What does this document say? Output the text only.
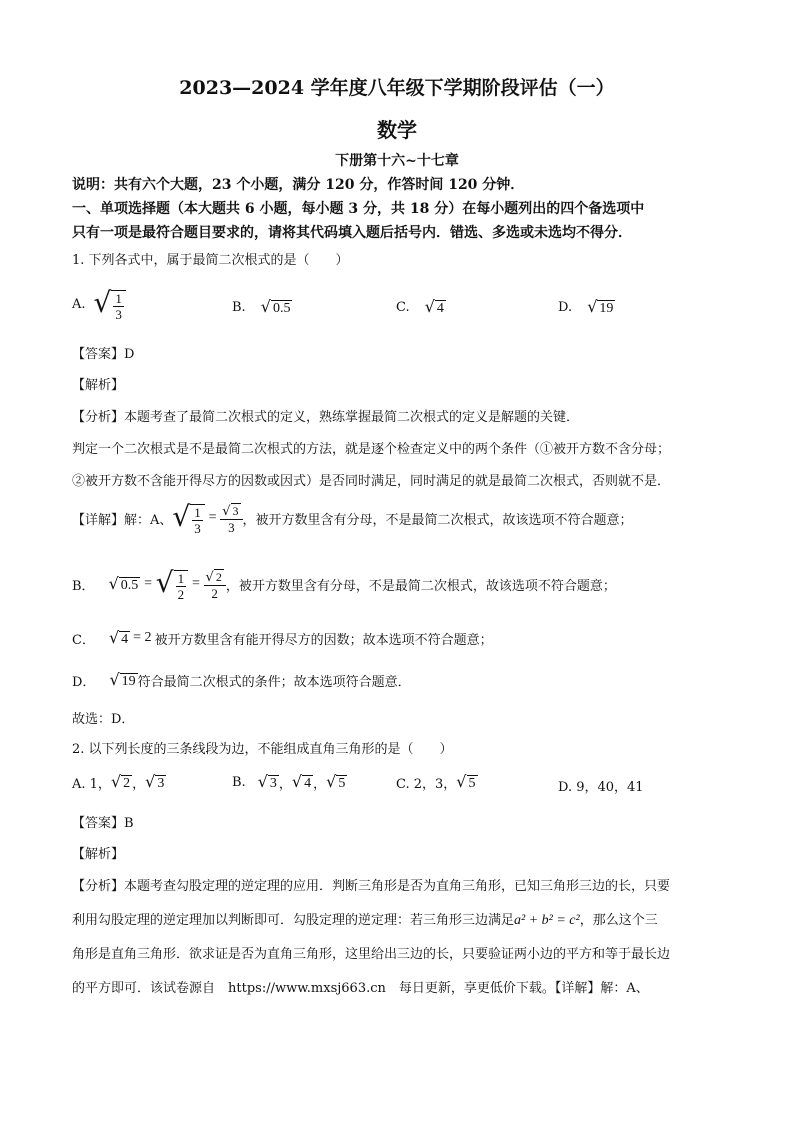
2023—2024 学年度八年级下学期阶段评估（一）
数学
下册第十六~十七章
说明：共有六个大题，23 个小题，满分 120 分，作答时间 120 分钟．
一、单项选择题（本大题共 6 小题，每小题 3 分，共 18 分）在每小题列出的四个备选项中
只有一项是最符合题目要求的，请将其代码填入题后括号内．错选、多选或未选均不得分．
1. 下列各式中，属于最简二次根式的是（　　）
A. √ $\frac{1}{3}$	B. √ 0.5	C. √ 4	D. √ 19
【答案】D
【解析】
【分析】本题考查了最简二次根式的定义，熟练掌握最简二次根式的定义是解题的关键．
判定一个二次根式是不是最简二次根式的方法，就是逐个检查定义中的两个条件（①被开方数不含分母；
②被开方数不含能开得尽方的因数或因式）是否同时满足，同时满足的就是最简二次根式，否则就不是．
【详解】 解：A、 √ $\frac{1}{3} = \frac{√ 3}{3}$ ，被开方数里含有分母，不是最简二次根式，故该选项不符合题意；
B． √ 0.5 = √ $\frac{1}{2} = \frac{√ 2}{2}$ ，被开方数里含有分母，不是最简二次根式，故该选项不符合题意；
C． √ 4 = 2 被开方数里含有能开得尽方的因数；故本选项不符合题意；
D． √ 19 符合最简二次根式的条件；故本选项符合题意．
故选：D．
2. 以下列长度的三条线段为边，不能组成直角三角形的是（　　）
A. 1， √ 2 ， √ 3	B. √ 3 ， √ 4 ， √ 5	C. 2，3， √ 5	D. 9，40，41
【答案】B
【解析】
【分析】本题考查勾股定理的逆定理的应用．判断三角形是否为直角三角形，已知三角形三边的长，只要
利用勾股定理的逆定理加以判断即可．勾股定理的逆定理：若三角形三边满足a² + b² = c²，那么这个三
角形是直角三角形．欲求证是否为直角三角形，这里给出三边的长，只要验证两小边的平方和等于最长边
的平方即可．该试卷源自　https://www.mxsj663.cn　每日更新，享更低价下载。【详解】解：A、
